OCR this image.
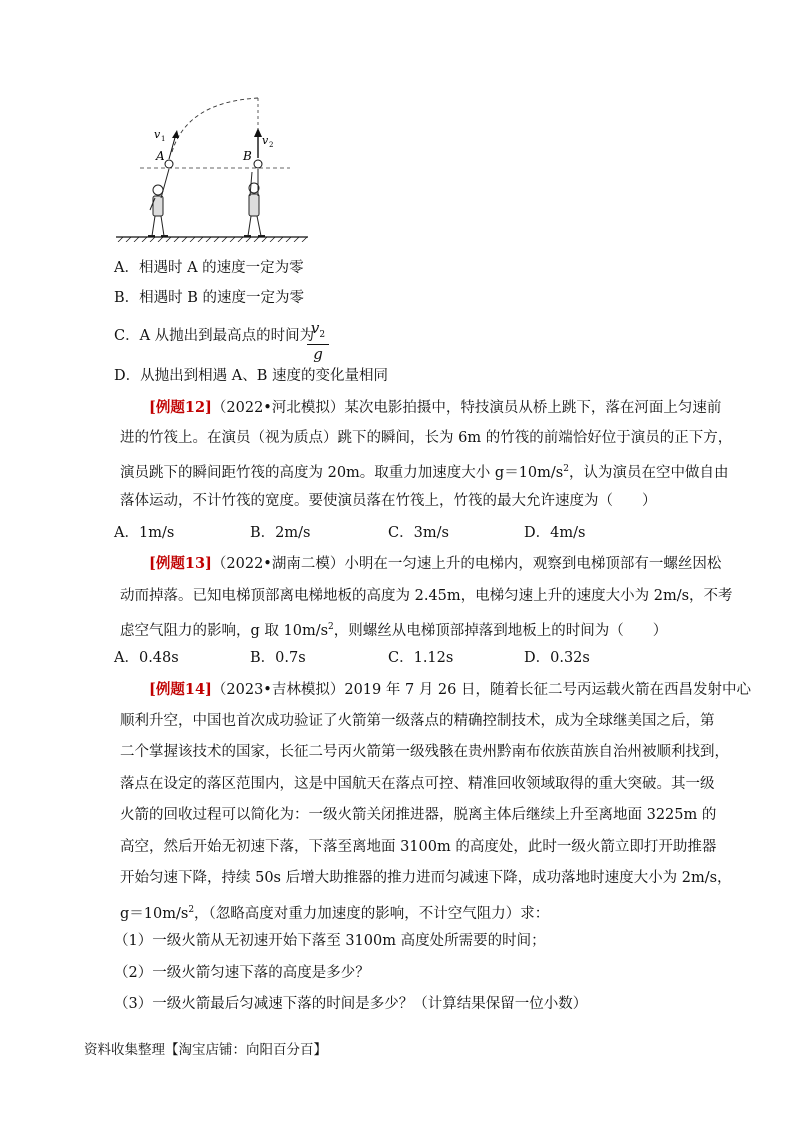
v 1	v 2
A	B
A．相遇时 A 的速度一定为零
B．相遇时 B 的速度一定为零
C．A 从抛出到最高点的时间为
$\frac{v_2}{g}$
D．从抛出到相遇 A、B 速度的变化量相同
[例题12]（2022•河北模拟）某次电影拍摄中，特技演员从桥上跳下，落在河面上匀速前
进的竹筏上。在演员（视为质点）跳下的瞬间，长为 6m 的竹筏的前端恰好位于演员的正下方，
演员跳下的瞬间距竹筏的高度为 20m。取重力加速度大小 $g=10m/s^2$，认为演员在空中做自由
落体运动，不计竹筏的宽度。要使演员落在竹筏上，竹筏的最大允许速度为（　　）
A．1m/s	B．2m/s	C．3m/s	D．4m/s
[例题13]（2022•湖南二模）小明在一匀速上升的电梯内，观察到电梯顶部有一螺丝因松
动而掉落。已知电梯顶部离电梯地板的高度为 2.45m，电梯匀速上升的速度大小为 2m/s，不考
虑空气阻力的影响，g 取 $10m/s^2$，则螺丝从电梯顶部掉落到地板上的时间为（　　）
A．0.48s	B．0.7s	C．1.12s	D．0.32s
[例题14]（2023•吉林模拟）2019 年 7 月 26 日，随着长征二号丙运载火箭在西昌发射中心
顺利升空，中国也首次成功验证了火箭第一级落点的精确控制技术，成为全球继美国之后，第
二个掌握该技术的国家，长征二号丙火箭第一级残骸在贵州黔南布依族苗族自治州被顺利找到，
落点在设定的落区范围内，这是中国航天在落点可控、精准回收领域取得的重大突破。其一级
火箭的回收过程可以简化为：一级火箭关闭推进器，脱离主体后继续上升至离地面 3225m 的
高空，然后开始无初速下落，下落至离地面 3100m 的高度处，此时一级火箭立即打开助推器
开始匀速下降，持续 50s 后增大助推器的推力进而匀减速下降，成功落地时速度大小为 2m/s，
$g=10m/s^2$，（忽略高度对重力加速度的影响，不计空气阻力）求：
（1）一级火箭从无初速开始下落至 3100m 高度处所需要的时间；
（2）一级火箭匀速下落的高度是多少？
（3）一级火箭最后匀减速下落的时间是多少？（计算结果保留一位小数）
资料收集整理【淘宝店铺：向阳百分百】
